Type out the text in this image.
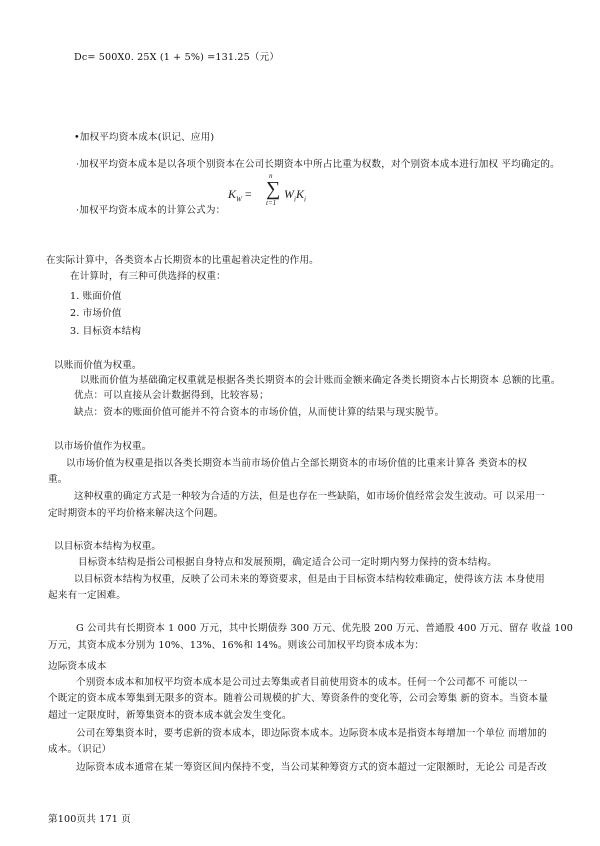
Dc= 500X0. 25X (1 + 5%) =131.25（元）
•加权平均资本成本(识记、应用)
·加权平均资本成本是以各项个别资本在公司长期资本中所占比重为权数，对个别资本成本进行加权 平均确定的。
·加权平均资本成本的计算公式为：
$K_W$ =
n
∑
t=1
$W_iK_i$
在实际计算中，各类资本占长期资本的比重起着决定性的作用。
在计算时，有三种可供选择的权重：
1. 账面价值
2. 市场价值
3. 目标资本结构
以账而价值为权重。
以账而价值为基础确定权重就是根据各类长期资本的会计账而金额来确定各类长期资本占长期资本 总额的比重。
优点：可以直接从会计数据得到，比较容易；
缺点：资本的账面价值可能并不符合资本的市场价值，从而使计算的结果与现实脱节。
以市场价值作为权重。
以市场价值为权重是指以各类长期资本当前市场价值占全部长期资本的市场价值的比重来计算各 类资本的权
重。
这种权重的确定方式是一种较为合适的方法，但是也存在一些缺陷，如市场价值经常会发生波动。可 以采用一
定时期资本的平均价格来解决这个问题。
以目标资本结构为权重。
目标资本结构是指公司根据自身特点和发展预期，确定适合公司一定时期内努力保持的资本结构。
以目标资本结构为权重，反映了公司未来的筹资要求，但是由于目标资本结构较难确定，使得该方法 本身使用
起来有一定困难。
G 公司共有长期资本 1 000 万元，其中长期债券 300 万元、优先股 200 万元、普通股 400 万元、留存 收益 100
万元，其资本成本分别为 10%、13%、16%和 14%。则该公司加权平均资本成本为：
边际资本成本
个别资本成本和加权平均资本成本是公司过去筹集或者目前使用资本的成本。任何一个公司都不 可能以一
个既定的资本成本筹集到无限多的资本。随着公司规模的扩大、筹资条件的变化等，公司会筹集 新的资本。当资本量
超过一定限度时，新筹集资本的资本成本就会发生变化。
公司在筹集资本时，要考虑新的资本成本，即边际资本成本。边际资本成本是指资本每增加一个单位 而增加的
成本。（识记）
边际资本成本通常在某一筹资区间内保持不变，当公司某种筹资方式的资本超过一定限额时，无论公 司是否改
第100页共 171 页
